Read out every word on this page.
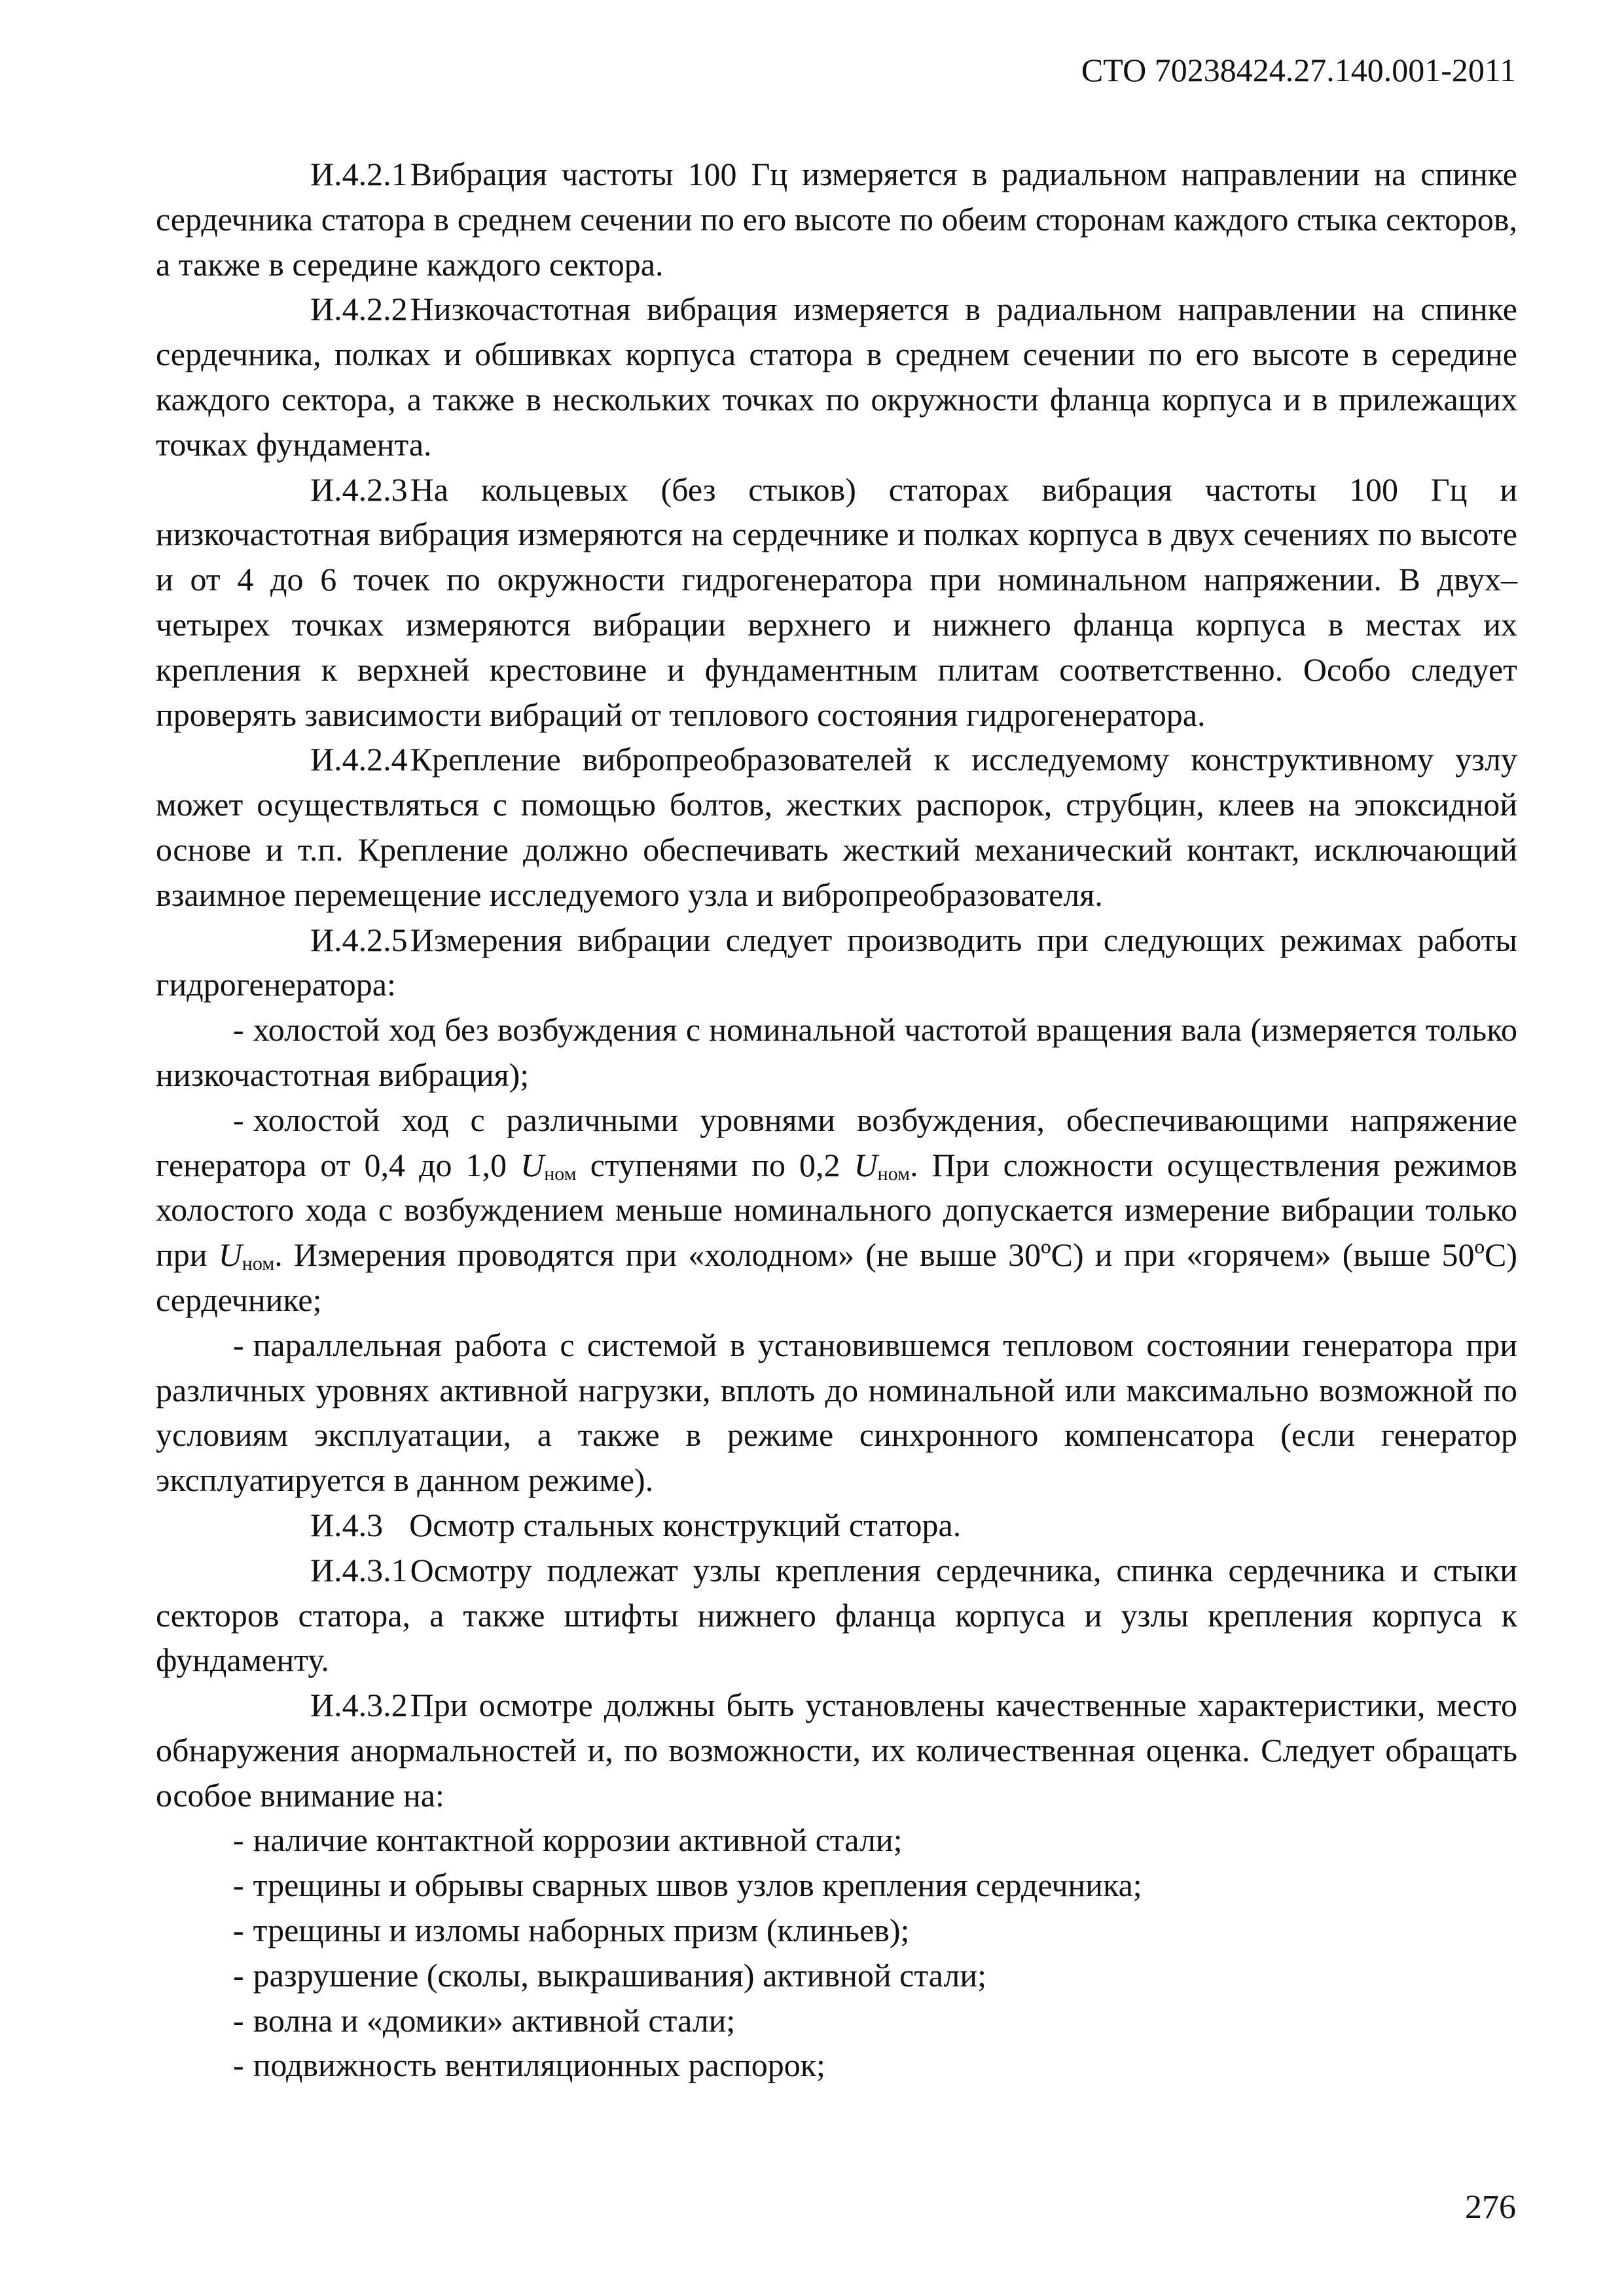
СТО 70238424.27.140.001-2011

И.4.2.1Вибрация частоты 100 Гц измеряется в радиальном направлении на спинке сердечника статора в среднем сечении по его высоте по обеим сторонам каждого стыка секторов, а также в середине каждого сектора.

И.4.2.2Низкочастотная вибрация измеряется в радиальном направлении на спинке сердечника, полках и обшивках корпуса статора в среднем сечении по его высоте в середине каждого сектора, а также в нескольких точках по окружности фланца корпуса и в прилежащих точках фундамента.

И.4.2.3На кольцевых (без стыков) статорах вибрация частоты 100 Гц и низкочастотная вибрация измеряются на сердечнике и полках корпуса в двух сечениях по высоте и от 4 до 6 точек по окружности гидрогенератора при номинальном напряжении. В двух–четырех точках измеряются вибрации верхнего и нижнего фланца корпуса в местах их крепления к верхней крестовине и фундаментным плитам соответственно. Особо следует проверять зависимости вибраций от теплового состояния гидрогенератора.

И.4.2.4Крепление вибропреобразователей к исследуемому конструктивному узлу может осуществляться с помощью болтов, жестких распорок, струбцин, клеев на эпоксидной основе и т.п. Крепление должно обеспечивать жесткий механический контакт, исключающий взаимное перемещение исследуемого узла и вибропреобразователя.

И.4.2.5Измерения вибрации следует производить при следующих режимах работы гидрогенератора:

- холостой ход без возбуждения с номинальной частотой вращения вала (измеряется только низкочастотная вибрация);

- холостой ход с различными уровнями возбуждения, обеспечивающими напряжение генератора от 0,4 до 1,0 $U_{ном}$ ступенями по 0,2 $U_{ном}$. При сложности осуществления режимов холостого хода с возбуждением меньше номинального допускается измерение вибрации только при $U_{ном}$. Измерения проводятся при «холодном» (не выше 30ºС) и при «горячем» (выше 50ºС) сердечнике;

- параллельная работа с системой в установившемся тепловом состоянии генератора при различных уровнях активной нагрузки, вплоть до номинальной или максимально возможной по условиям эксплуатации, а также в режиме синхронного компенсатора (если генератор эксплуатируется в данном режиме).

И.4.3 Осмотр стальных конструкций статора.

И.4.3.1Осмотру подлежат узлы крепления сердечника, спинка сердечника и стыки секторов статора, а также штифты нижнего фланца корпуса и узлы крепления корпуса к фундаменту.

И.4.3.2При осмотре должны быть установлены качественные характеристики, место обнаружения анормальностей и, по возможности, их количественная оценка. Следует обращать особое внимание на:

- наличие контактной коррозии активной стали;

- трещины и обрывы сварных швов узлов крепления сердечника;

- трещины и изломы наборных призм (клиньев);

- разрушение (сколы, выкрашивания) активной стали;

- волна и «домики» активной стали;

- подвижность вентиляционных распорок;

276
